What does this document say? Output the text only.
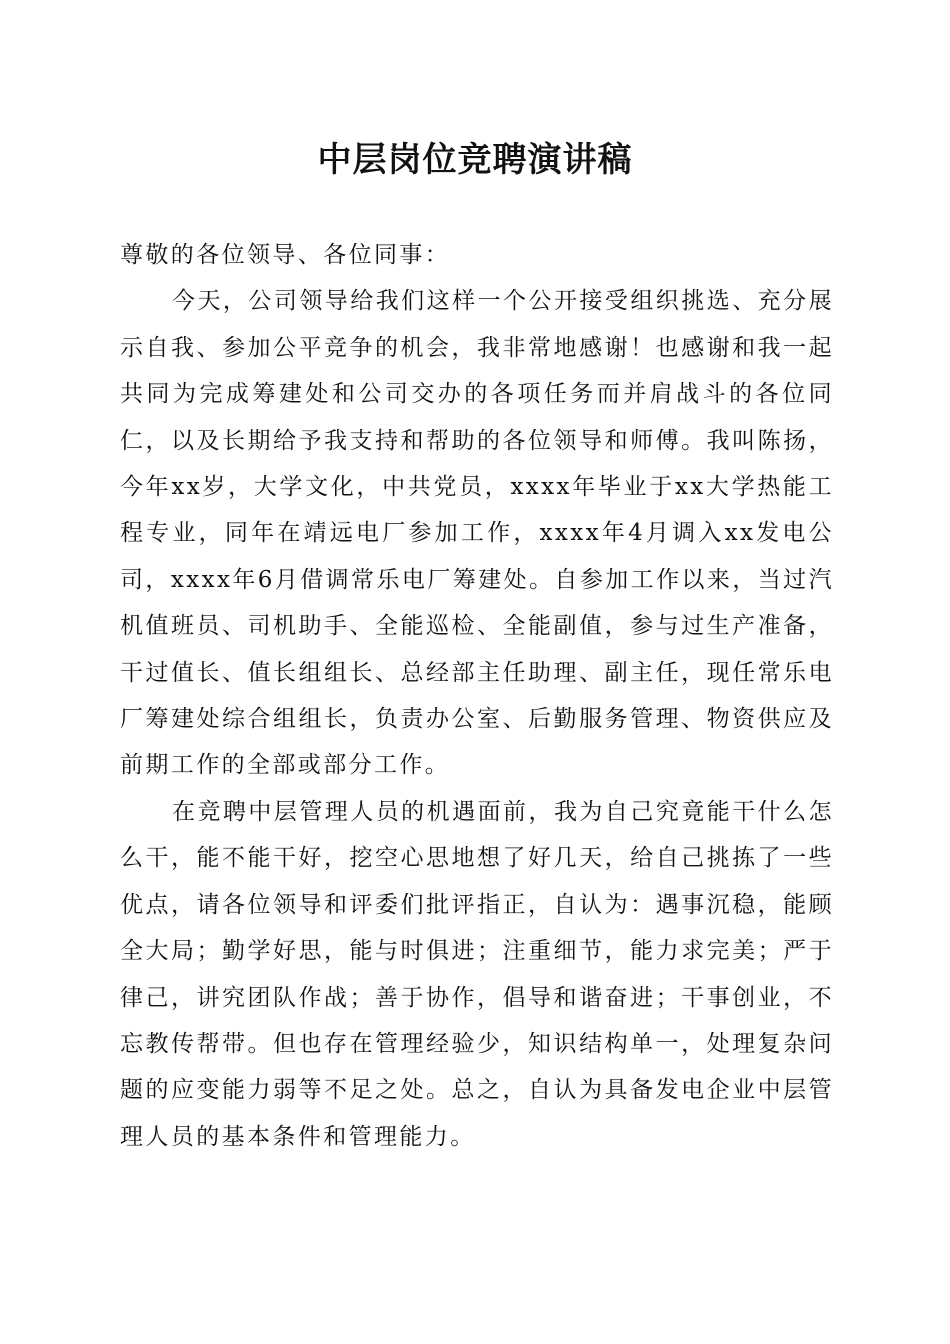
中层岗位竞聘演讲稿

尊敬的各位领导、各位同事：

今天，公司领导给我们这样一个公开接受组织挑选、充分展示自我、参加公平竞争的机会，我非常地感谢！也感谢和我一起共同为完成筹建处和公司交办的各项任务而并肩战斗的各位同仁，以及长期给予我支持和帮助的各位领导和师傅。我叫陈扬，今年xx岁，大学文化，中共党员，xxxx年毕业于xx大学热能工程专业，同年在靖远电厂参加工作，xxxx年4月调入xx发电公司，xxxx年6月借调常乐电厂筹建处。自参加工作以来，当过汽机值班员、司机助手、全能巡检、全能副值，参与过生产准备，干过值长、值长组组长、总经部主任助理、副主任，现任常乐电厂筹建处综合组组长，负责办公室、后勤服务管理、物资供应及前期工作的全部或部分工作。

在竞聘中层管理人员的机遇面前，我为自己究竟能干什么怎么干，能不能干好，挖空心思地想了好几天，给自己挑拣了一些优点，请各位领导和评委们批评指正，自认为：遇事沉稳，能顾全大局；勤学好思，能与时俱进；注重细节，能力求完美；严于律己，讲究团队作战；善于协作，倡导和谐奋进；干事创业，不忘教传帮带。但也存在管理经验少，知识结构单一，处理复杂问题的应变能力弱等不足之处。总之，自认为具备发电企业中层管理人员的基本条件和管理能力。
